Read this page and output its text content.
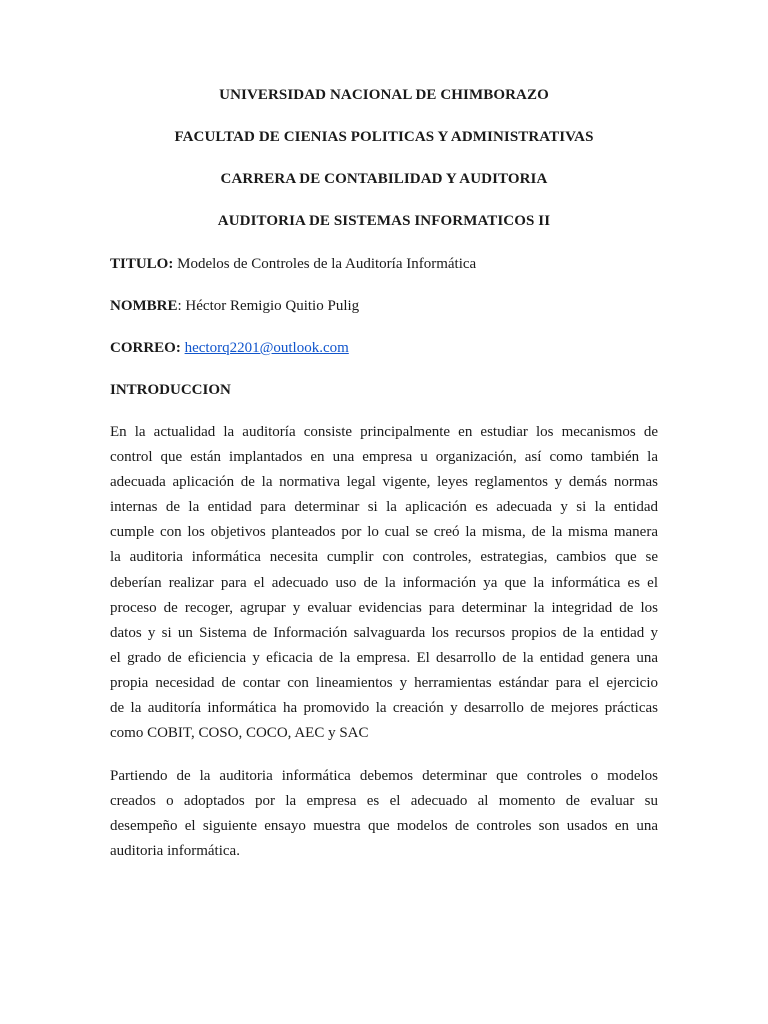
UNIVERSIDAD NACIONAL DE CHIMBORAZO
FACULTAD DE CIENIAS POLITICAS Y ADMINISTRATIVAS
CARRERA DE CONTABILIDAD Y AUDITORIA
AUDITORIA DE SISTEMAS INFORMATICOS II
TITULO: Modelos de Controles de la Auditoría Informática
NOMBRE: Héctor Remigio Quitio Pulig
CORREO: hectorq2201@outlook.com
INTRODUCCION
En la actualidad la auditoría consiste principalmente en estudiar los mecanismos de
control que están implantados en una empresa u organización, así como también la
adecuada aplicación de la normativa legal vigente, leyes reglamentos y demás normas
internas de la entidad para determinar si la aplicación es adecuada y si la entidad
cumple con los objetivos planteados por lo cual se creó la misma, de la misma manera
la auditoria informática necesita cumplir con controles, estrategias, cambios que se
deberían realizar para el adecuado uso de la información ya que la informática es el
proceso de recoger, agrupar y evaluar evidencias para determinar la integridad de los
datos y si un Sistema de Información salvaguarda los recursos propios de la entidad y
el grado de eficiencia y eficacia de la empresa. El desarrollo de la entidad genera una
propia necesidad de contar con lineamientos y herramientas estándar para el ejercicio
de la auditoría informática ha promovido la creación y desarrollo de mejores prácticas
como COBIT, COSO, COCO, AEC y SAC
Partiendo de la auditoria informática debemos determinar que controles o modelos
creados o adoptados por la empresa es el adecuado al momento de evaluar su
desempeño el siguiente ensayo muestra que modelos de controles son usados en una
auditoria informática.
